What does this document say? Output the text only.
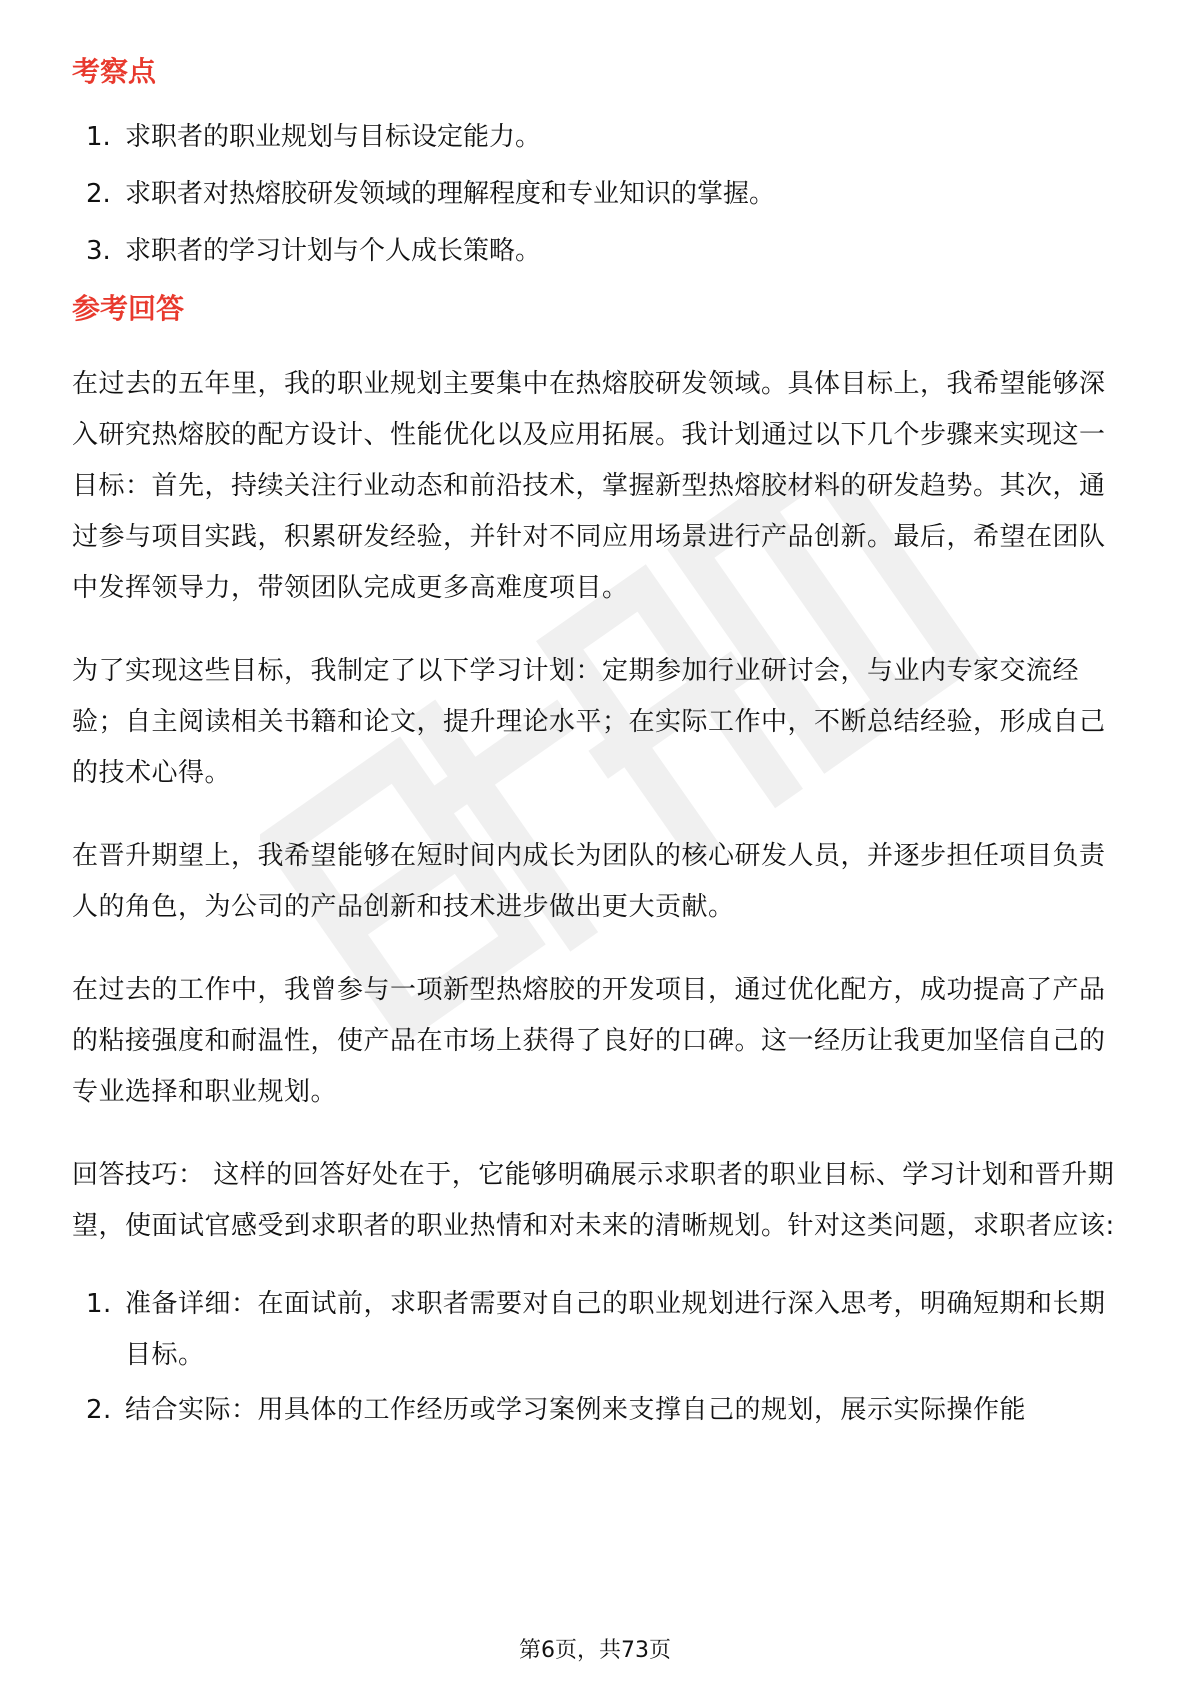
考察点
1. 求职者的职业规划与目标设定能力。
2. 求职者对热熔胶研发领域的理解程度和专业知识的掌握。
3. 求职者的学习计划与个人成长策略。
参考回答

在过去的五年里，我的职业规划主要集中在热熔胶研发领域。具体目标上，我希望能够深入研究热熔胶的配方设计、性能优化以及应用拓展。我计划通过以下几个步骤来实现这一目标：首先，持续关注行业动态和前沿技术，掌握新型热熔胶材料的研发趋势。其次，通过参与项目实践，积累研发经验，并针对不同应用场景进行产品创新。最后，希望在团队中发挥领导力，带领团队完成更多高难度项目。

为了实现这些目标，我制定了以下学习计划：定期参加行业研讨会，与业内专家交流经验；自主阅读相关书籍和论文，提升理论水平；在实际工作中，不断总结经验，形成自己的技术心得。

在晋升期望上，我希望能够在短时间内成长为团队的核心研发人员，并逐步担任项目负责人的角色，为公司的产品创新和技术进步做出更大贡献。

在过去的工作中，我曾参与一项新型热熔胶的开发项目，通过优化配方，成功提高了产品的粘接强度和耐温性，使产品在市场上获得了良好的口碑。这一经历让我更加坚信自己的专业选择和职业规划。

回答技巧： 这样的回答好处在于，它能够明确展示求职者的职业目标、学习计划和晋升期望，使面试官感受到求职者的职业热情和对未来的清晰规划。针对这类问题，求职者应该:

1. 准备详细：在面试前，求职者需要对自己的职业规划进行深入思考，明确短期和长期目标。
2. 结合实际：用具体的工作经历或学习案例来支撑自己的规划，展示实际操作能
第6页，共73页
